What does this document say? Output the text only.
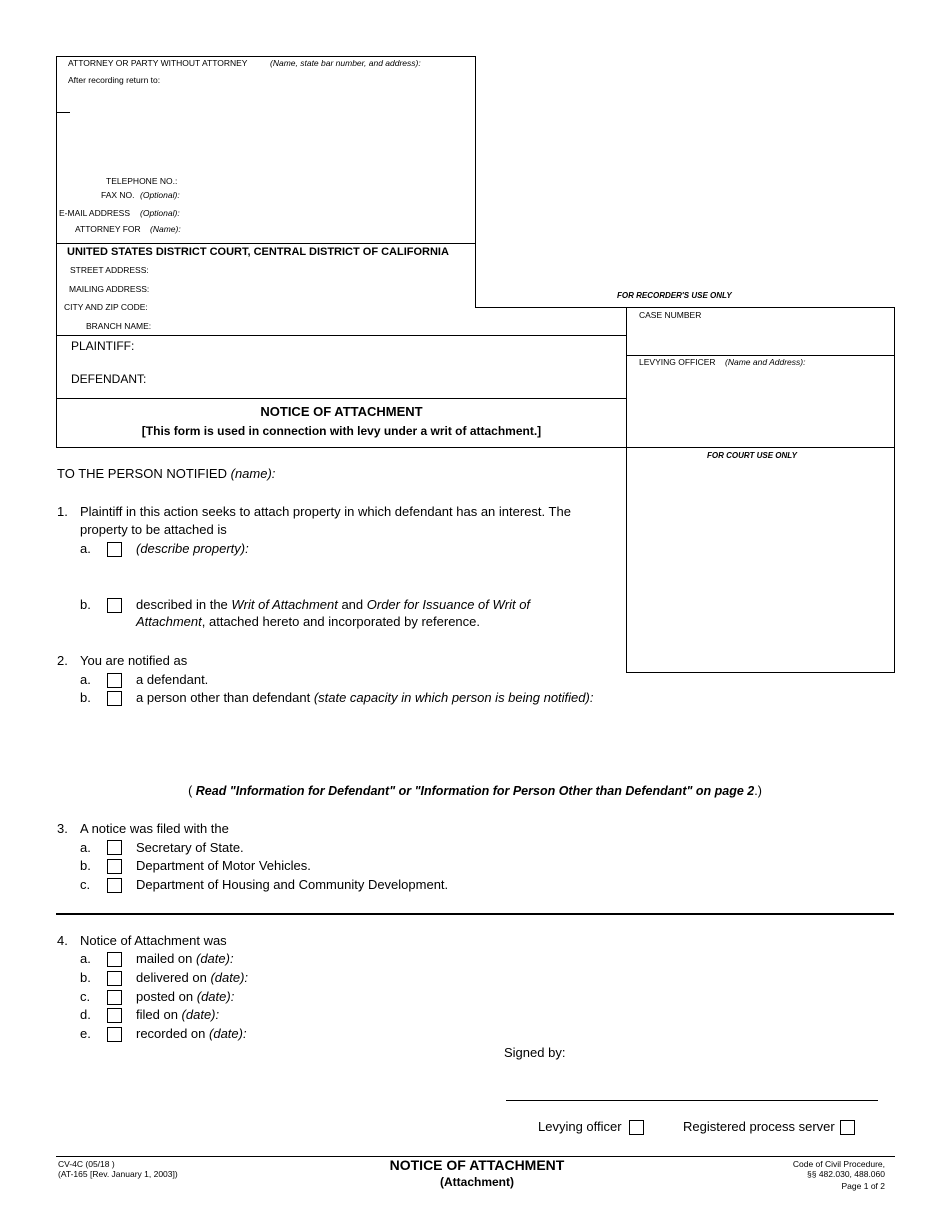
ATTORNEY OR PARTY WITHOUT ATTORNEY	(Name, state bar number, and address):
After recording return to:
TELEPHONE NO.:
FAX NO. (Optional):
E-MAIL ADDRESS (Optional):
ATTORNEY FOR (Name):
UNITED STATES DISTRICT COURT, CENTRAL DISTRICT OF CALIFORNIA
STREET ADDRESS:
MAILING ADDRESS:
CITY AND ZIP CODE:
BRANCH NAME:
FOR RECORDER'S USE ONLY
CASE NUMBER
LEVYING OFFICER (Name and Address):
FOR COURT USE ONLY
PLAINTIFF:
DEFENDANT:
NOTICE OF ATTACHMENT
[This form is used in connection with levy under a writ of attachment.]
TO THE PERSON NOTIFIED (name):
1. Plaintiff in this action seeks to attach property in which defendant has an interest. The
property to be attached is
a.	(describe property):
b.	described in the Writ of Attachment and Order for Issuance of Writ of
Attachment, attached hereto and incorporated by reference.
2. You are notified as
a.	a defendant.
b.	a person other than defendant (state capacity in which person is being notified):
( Read "Information for Defendant" or "Information for Person Other than Defendant" on page 2.)
3. A notice was filed with the
a.	Secretary of State.
b.	Department of Motor Vehicles.
c.	Department of Housing and Community Development.
4. Notice of Attachment was
a.	mailed on (date):
b.	delivered on (date):
c.	posted on (date):
d.	filed on (date):
e.	recorded on (date):
Signed by:
Levying officer	Registered process server
CV-4C (05/18 )
(AT-165 [Rev. January 1, 2003])
NOTICE OF ATTACHMENT
(Attachment)
Code of Civil Procedure,
§§ 482.030, 488.060
Page 1 of 2
